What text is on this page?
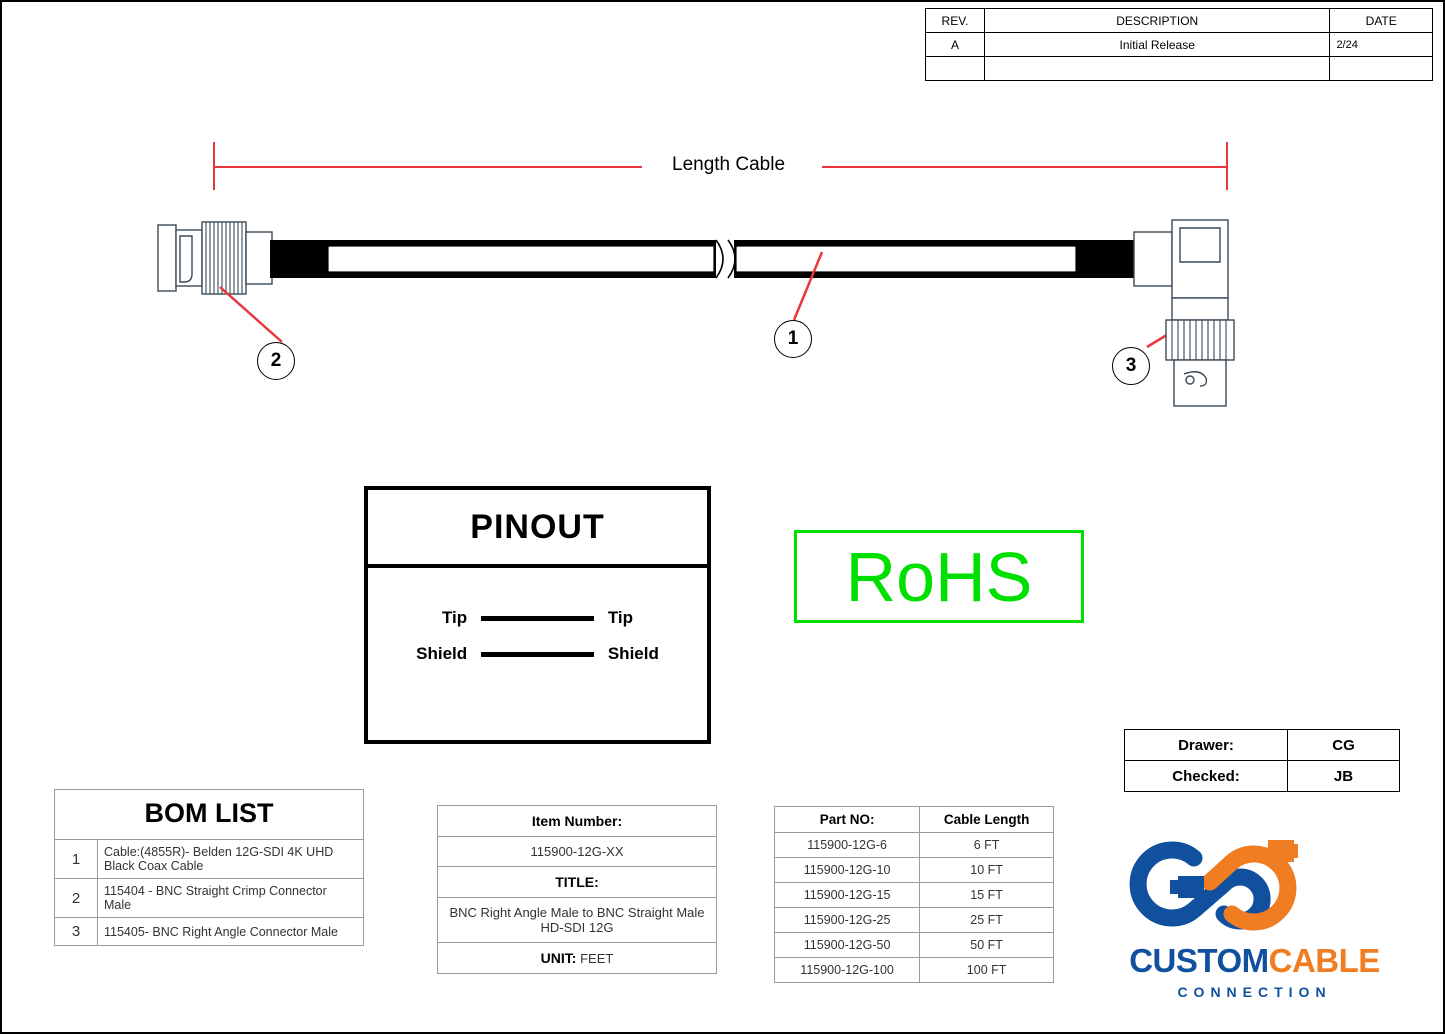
REV.	DESCRIPTION	DATE
A	Initial Release	2/24

Length Cable
1
2	3
PINOUT
Tip	Tip
Shield	Shield
RoHS
Drawer:	CG
Checked:	JB
BOM LIST	
1	Cable:(4855R)- Belden 12G-SDI 4K UHD Black Coax Cable
2	115404 - BNC Straight Crimp Connector Male
3	115405- BNC Right Angle Connector Male
Item Number:
115900-12G-XX
TITLE:
BNC Right Angle Male to BNC Straight Male HD-SDI 12G
UNIT: FEET
Part NO:	Cable Length
115900-12G-6	6 FT
115900-12G-10	10 FT
115900-12G-15	15 FT
115900-12G-25	25 FT
115900-12G-50	50 FT
115900-12G-100	100 FT	CUSTOMCABLE
CONNECTION
